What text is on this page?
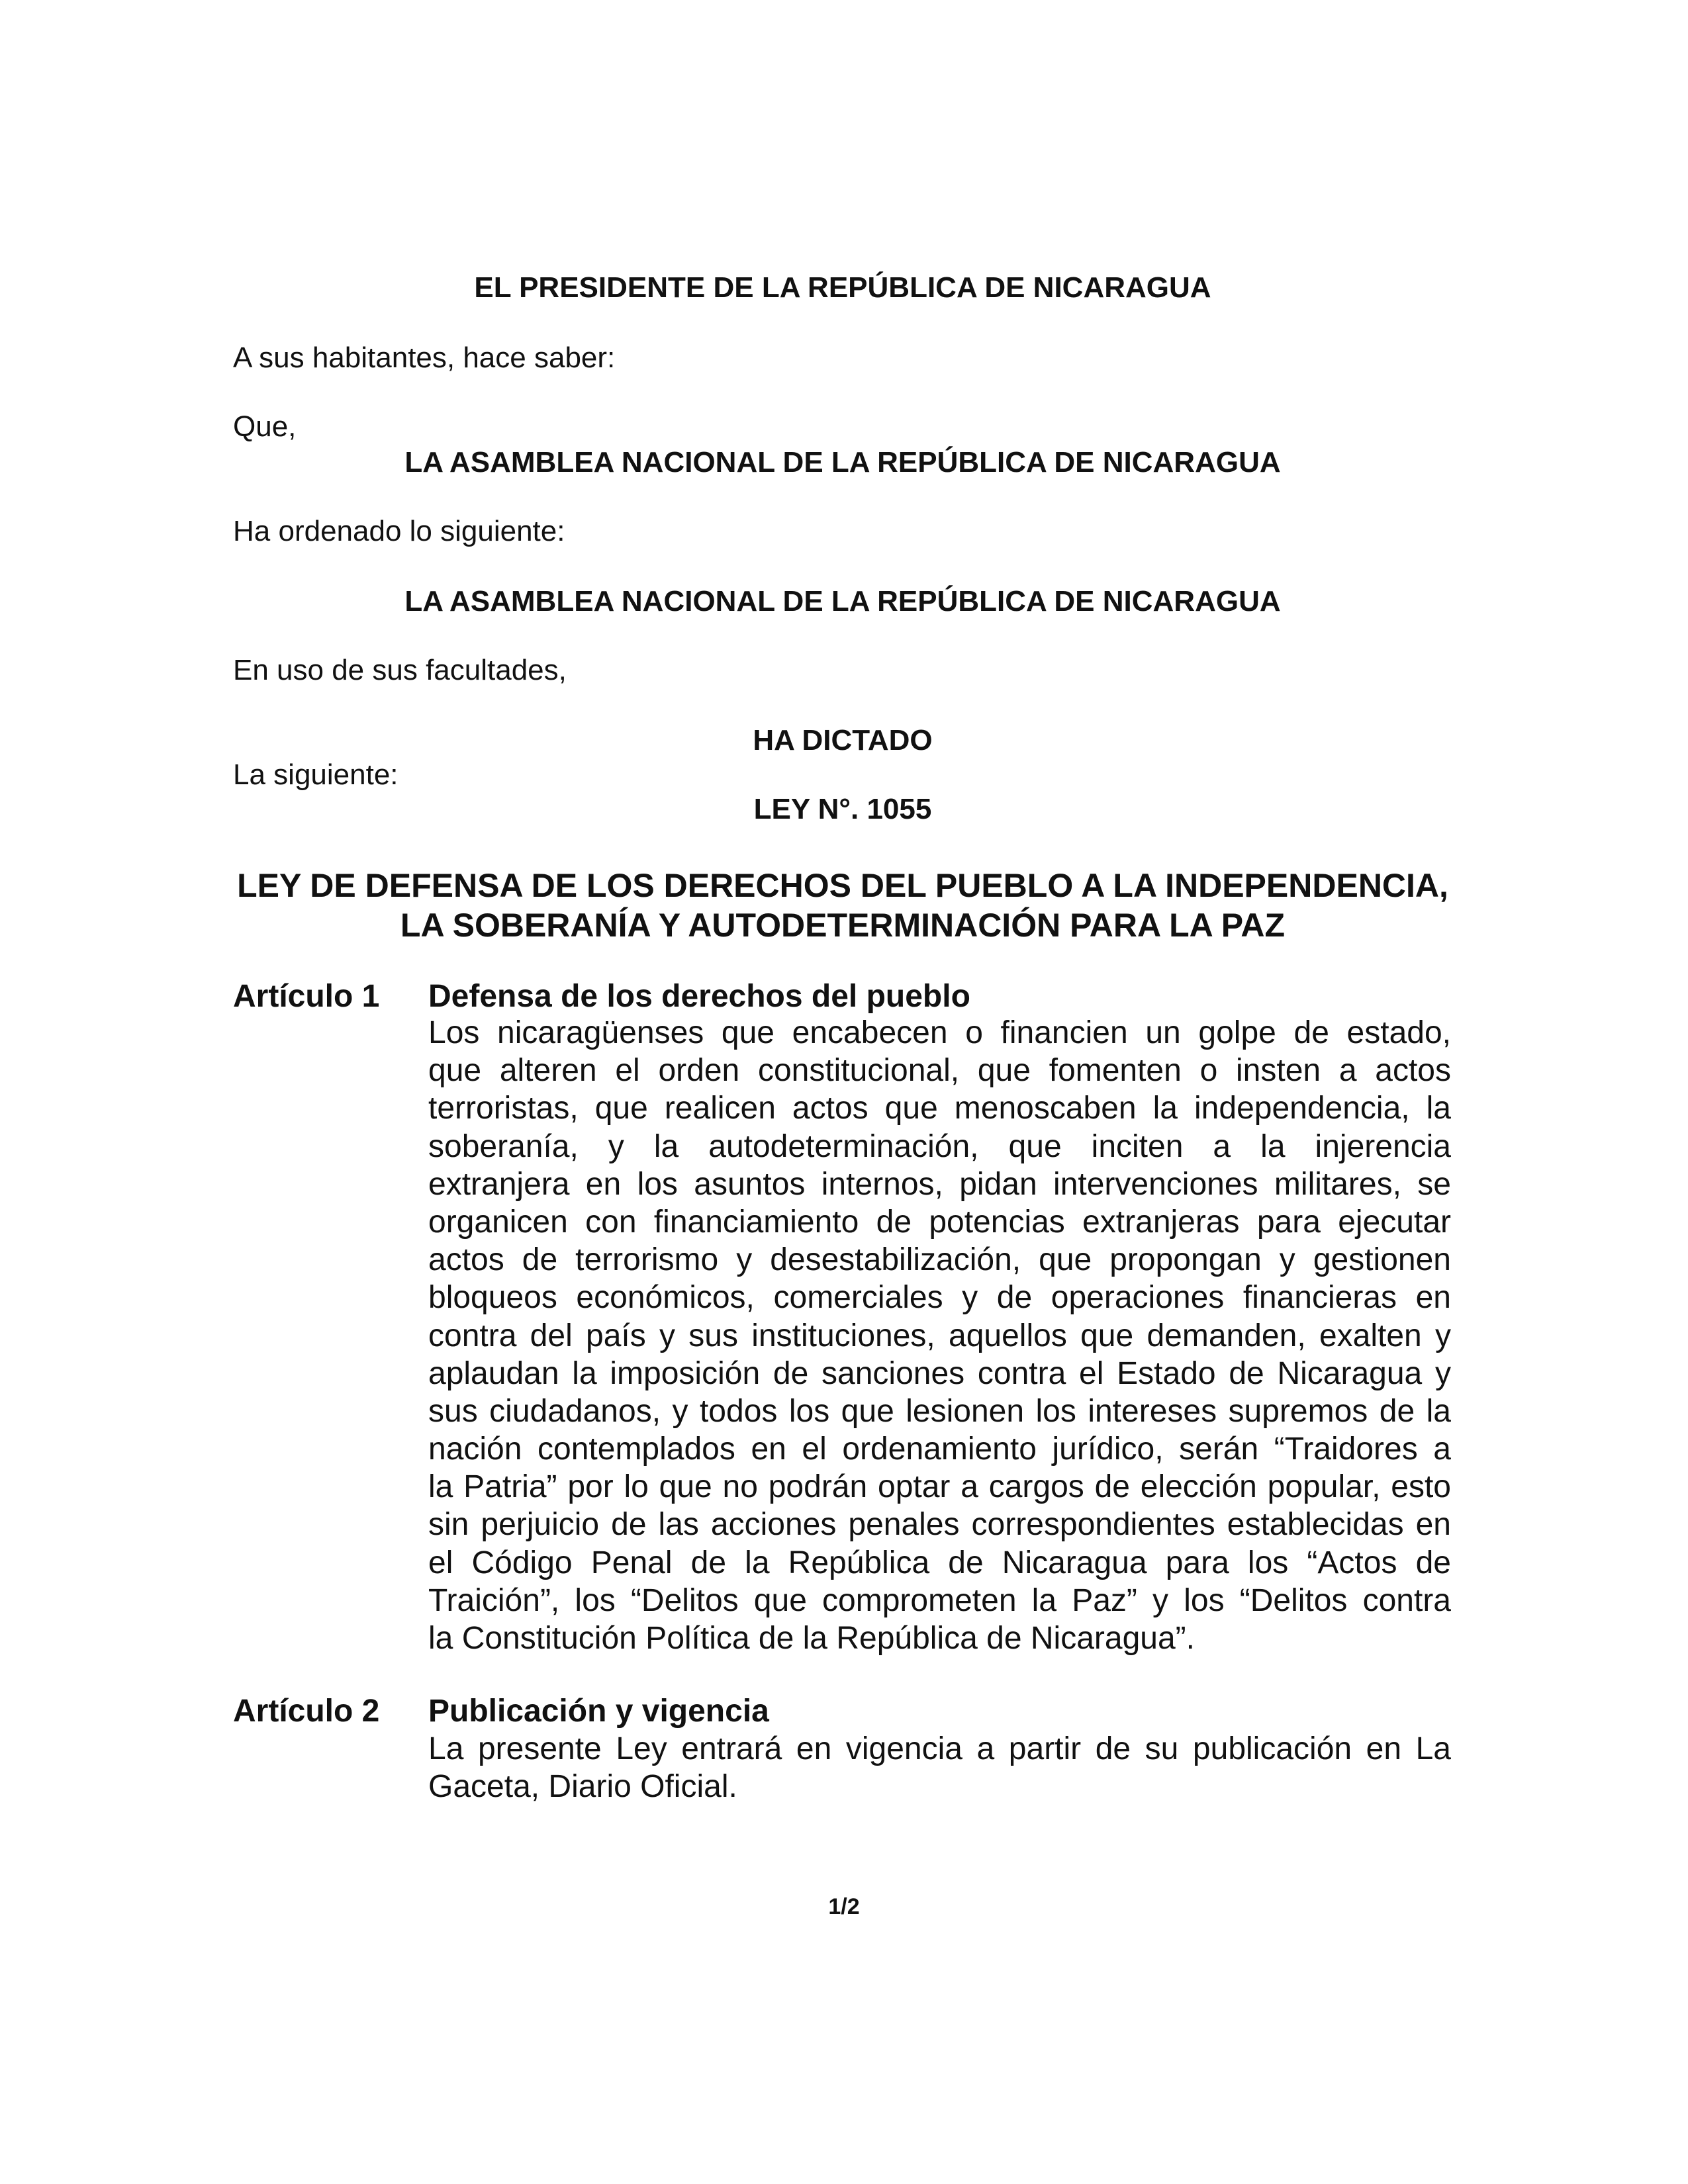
EL PRESIDENTE DE LA REPÚBLICA DE NICARAGUA
A sus habitantes, hace saber:
Que,
LA ASAMBLEA NACIONAL DE LA REPÚBLICA DE NICARAGUA
Ha ordenado lo siguiente:
LA ASAMBLEA NACIONAL DE LA REPÚBLICA DE NICARAGUA
En uso de sus facultades,
HA DICTADO
La siguiente:
LEY N°. 1055
LEY DE DEFENSA DE LOS DERECHOS DEL PUEBLO A LA INDEPENDENCIA,
LA SOBERANÍA Y AUTODETERMINACIÓN PARA LA PAZ
Artículo 1 Defensa de los derechos del pueblo
Los nicaragüenses que encabecen o financien un golpe de estado,
que alteren el orden constitucional, que fomenten o insten a actos
terroristas, que realicen actos que menoscaben la independencia, la
soberanía, y la autodeterminación, que inciten a la injerencia
extranjera en los asuntos internos, pidan intervenciones militares, se
organicen con financiamiento de potencias extranjeras para ejecutar
actos de terrorismo y desestabilización, que propongan y gestionen
bloqueos económicos, comerciales y de operaciones financieras en
contra del país y sus instituciones, aquellos que demanden, exalten y
aplaudan la imposición de sanciones contra el Estado de Nicaragua y
sus ciudadanos, y todos los que lesionen los intereses supremos de la
nación contemplados en el ordenamiento jurídico, serán “Traidores a
la Patria” por lo que no podrán optar a cargos de elección popular, esto
sin perjuicio de las acciones penales correspondientes establecidas en
el Código Penal de la República de Nicaragua para los “Actos de
Traición”, los “Delitos que comprometen la Paz” y los “Delitos contra
la Constitución Política de la República de Nicaragua”.
Artículo 2 Publicación y vigencia
La presente Ley entrará en vigencia a partir de su publicación en La
Gaceta, Diario Oficial.
1/2
